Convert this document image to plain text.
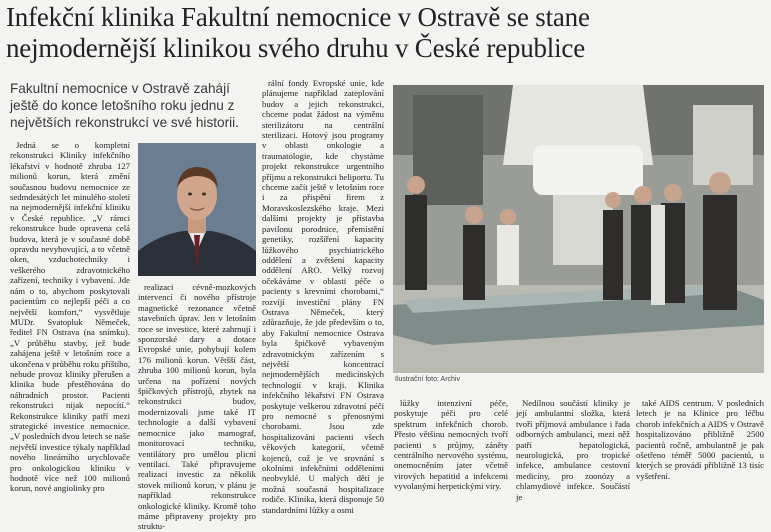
Infekční klinika Fakultní nemocnice v Ostravě se stane
nejmodernější klinikou svého druhu v České republice
Fakultní nemocnice v Ostravě zahájí ještě do konce letošního roku jednu z největších rekonstrukcí ve své historii.

Jedná se o kompletní rekonstrukci Kliniky infekčního lékařství v hodnotě zhruba 127 milionů korun, která změní současnou budovu nemocnice ze sedmdesátých let minulého století na nejmodernější infekční kliniku v České republice. „V rámci rekonstrukce bude opravena celá budova, která je v současné době opravdu nevyhovující, a to včetně oken, vzduchotechniky i veškerého zdravotnického zařízení, techniky i vybavení. Jde nám o to, abychom poskytovali pacientům co nejlepší péči a co největší komfort,“ vysvětluje MUDr. Svatopluk Němeček, ředitel FN Ostrava (na snímku). „V průběhu stavby, jež bude zahájena ještě v letošním roce a ukončena v průběhu roku příštího, nebude provoz kliniky přerušen a klinika bude přestěhována do náhradních prostor. Pacienti rekonstrukci nijak nepocítí.“ Rekonstrukce kliniky patří mezi strategické investice nemocnice. „V posledních dvou letech se naše největší investice týkaly například nového lineárního urychlovače pro onkologickou kliniku v hodnotě více než 100 milionů korun, nové angiolinky pro

realizaci cévně-mozkových intervencí či nového přístroje magnetické rezonance včetně stavebních úprav. Jen v letošním roce se investice, které zahrnují i sponzorské dary a dotace Evropské unie, pohybují kolem 176 milionů korun. Většší část, zhruba 100 milionů korun, byla určena na pořízení nových špičkových přístrojů, zbytek na rekonstrukci budov, modernizovali jsme také IT technologie a další vybavení nemocnice jako mamograf, monitorovací techniku, ventilátory pro umělou plicní ventilaci. Také připravujeme realizaci investic za několik stovek milionů korun, v plánu je například rekonstrukce onkologické kliniky. Kromě toho máme připraveny projekty pro struktu-

rální fondy Evropské unie, kde plánujeme například zateplování budov a jejich rekonstrukci, chceme podat žádost na výměnu sterilizátoru na centrální sterilizaci. Hotový jsou programy v oblasti onkologie a traumatologie, kde chystáme projekt rekonstrukce urgentního příjmu a rekonstrukci heliportu. Tu chceme začít ještě v letošním roce i za přispění firem z Moravskoslezského kraje. Mezi dalšími projekty je přístavba pavilonu porodnice, přemístění genetiky, rozšíření kapacity lůžkového psychiatrického oddělení a zvětšení kapacity oddělení ARO. Velký rozvoj očekáváme v oblasti péče o pacienty s krevními chorobami,“ rozvíjí investiční plány FN Ostrava Němeček, který zdůrazňuje, že jde především o to, aby Fakultní nemocnice Ostrava byla špičkově vybaveným zdravotnickým zařízením s největší koncentrací nejmodernějších medicínských technologií v kraji. Klinika infekčního lékařství FN Ostrava poskytuje veškerou zdravotní péči pro nemocné s přenosnými chorobami. Jsou zde hospitalizováni pacienti všech věkových kategorií, včetně kojenců, což je ve srovnání s okolními infekčními odděleními neobvyklé. U malých dětí je možná současná hospitalizace rodiče. Klinika, která disponuje 50 standardními lůžky a osmi

Ilustrační foto: Archiv

lůžky intenzivní péče, poskytuje péči pro celé spektrum infekčních chorob. Přesto většinu nemocných tvoří pacienti s průjmy, záněty centrálního nervového systému, onemocněním jater včetně virových hepatitid a infekcemi vyvolanými herpetickými viry.

Nedílnou součástí kliniky je její ambulantní složka, která tvoří příjmová ambulance i řada odborných ambulancí, mezi něž patří hepatologická, neurologická, pro tropické infekce, ambulance cestovní medicíny, pro zoonózy a chlamydiové infekce. Součástí je

také AIDS centrum. V posledních letech je na Klinice pro léčbu chorob infekčních a AIDS v Ostravě hospitalizováno přibližně 2500 pacientů ročně, ambulantně je pak ošetřeno téměř 5000 pacientů, u kterých se provádí přibližně 13 tisíc vyšetření.
